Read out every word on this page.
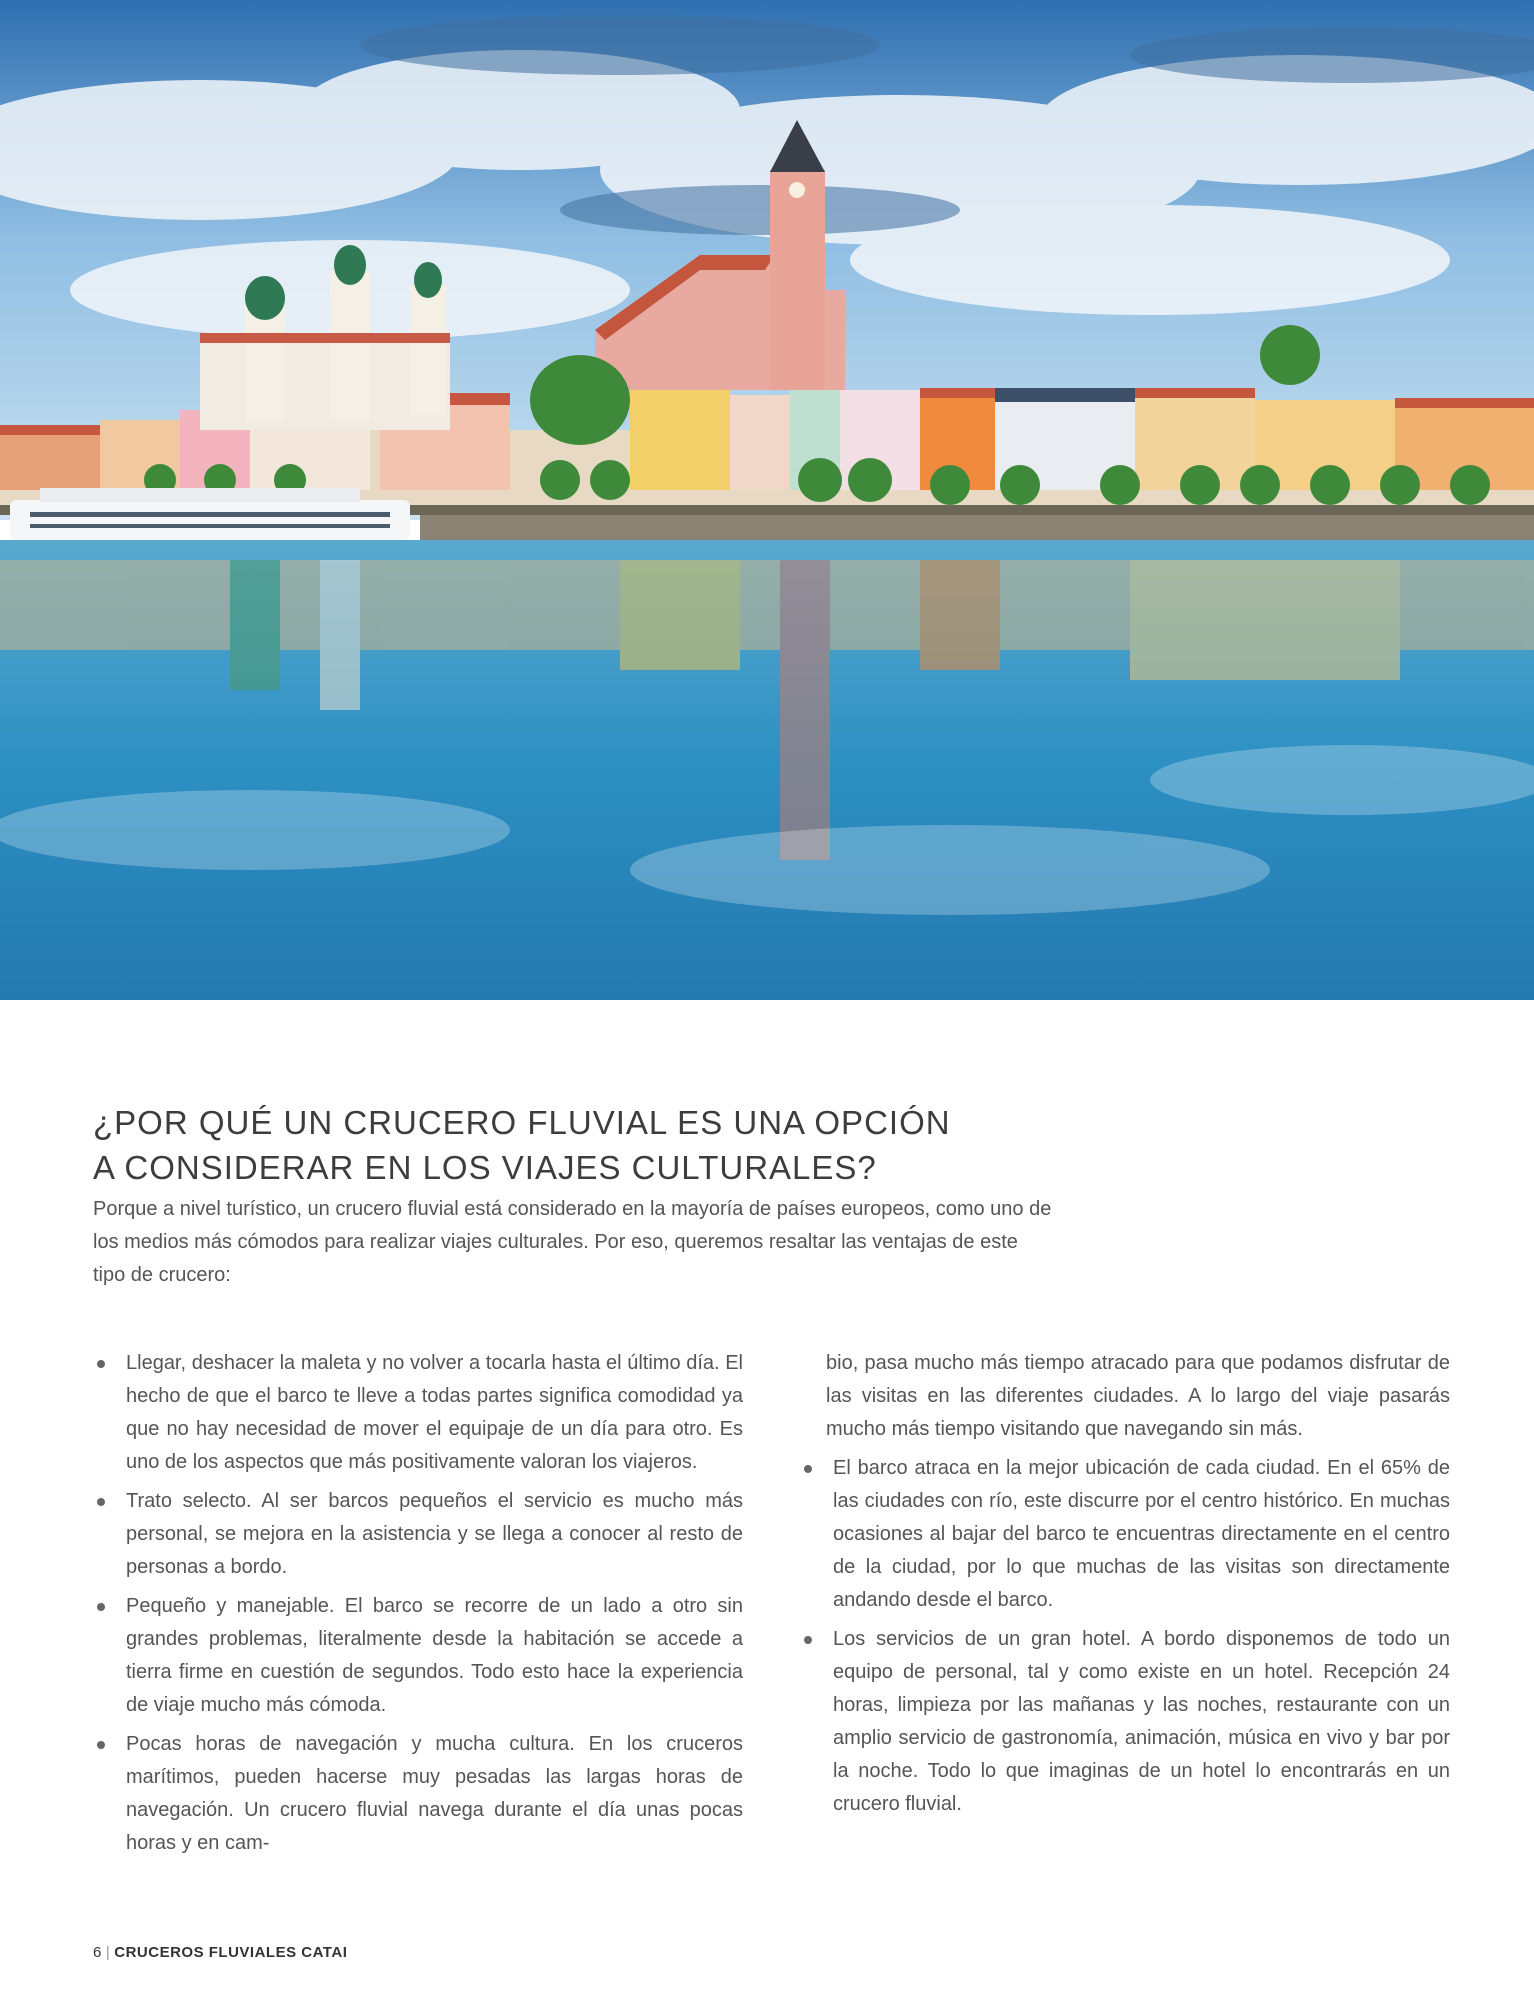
¿POR QUÉ UN CRUCERO FLUVIAL ES UNA OPCIÓN
A CONSIDERAR EN LOS VIAJES CULTURALES?

Porque a nivel turístico, un crucero fluvial está considerado en la mayoría de países europeos, como uno de los medios más cómodos para realizar viajes culturales. Por eso, queremos resaltar las ventajas de este tipo de crucero:

Llegar, deshacer la maleta y no volver a tocarla hasta el último día. El hecho de que el barco te lleve a todas partes significa comodidad ya que no hay necesidad de mover el equipaje de un día para otro. Es uno de los aspectos que más positivamente valoran los viajeros.
Trato selecto. Al ser barcos pequeños el servicio es mucho más personal, se mejora en la asistencia y se llega a conocer al resto de personas a bordo.
Pequeño y manejable. El barco se recorre de un lado a otro sin grandes problemas, literalmente desde la habitación se accede a tierra firme en cuestión de segundos. Todo esto hace la experiencia de viaje mucho más cómoda.
Pocas horas de navegación y mucha cultura. En los cruceros marítimos, pueden hacerse muy pesadas las largas horas de navegación. Un crucero fluvial navega durante el día unas pocas horas y en cam-

bio, pasa mucho más tiempo atracado para que podamos disfrutar de las visitas en las diferentes ciudades. A lo largo del viaje pasarás mucho más tiempo visitando que navegando sin más.

El barco atraca en la mejor ubicación de cada ciudad. En el 65% de las ciudades con río, este discurre por el centro histórico. En muchas ocasiones al bajar del barco te encuentras directamente en el centro de la ciudad, por lo que muchas de las visitas son directamente andando desde el barco.
Los servicios de un gran hotel. A bordo disponemos de todo un equipo de personal, tal y como existe en un hotel. Recepción 24 horas, limpieza por las mañanas y las noches, restaurante con un amplio servicio de gastronomía, animación, música en vivo y bar por la noche. Todo lo que imaginas de un hotel lo encontrarás en un crucero fluvial.
6 | CRUCEROS FLUVIALES CATAI
